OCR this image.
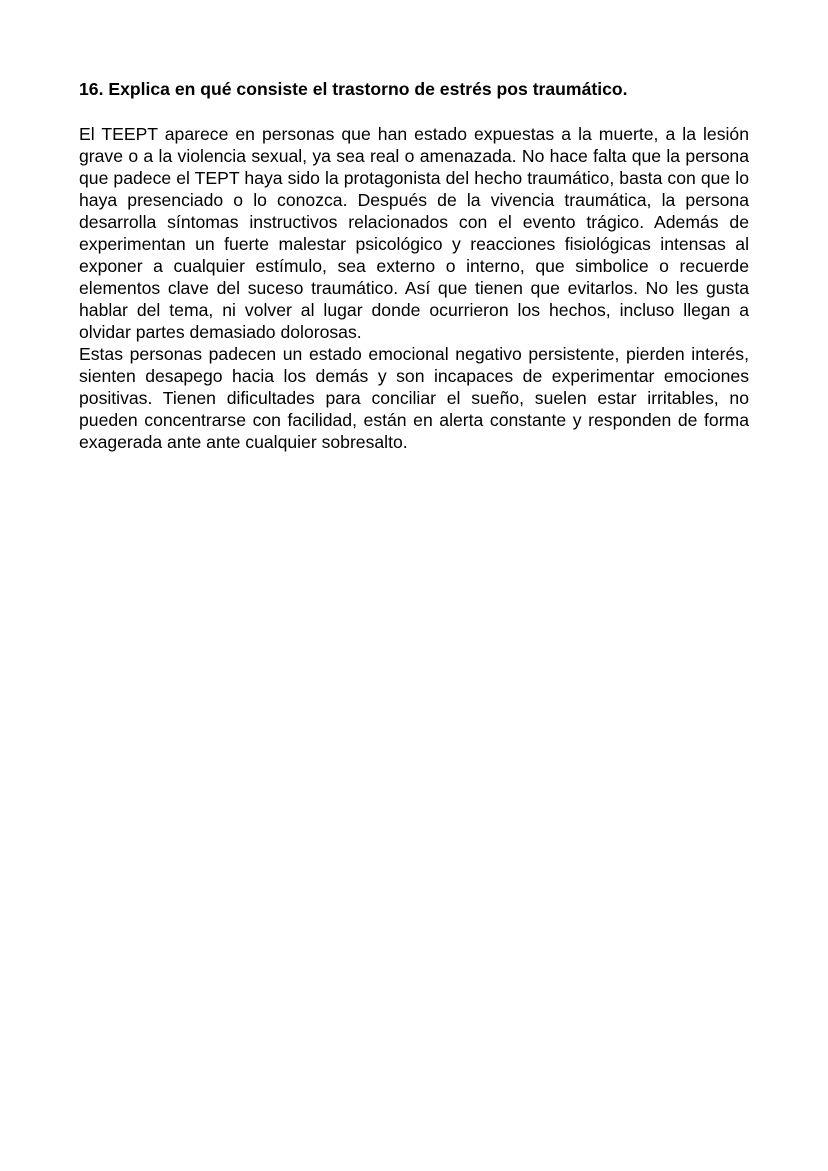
16. Explica en qué consiste el trastorno de estrés pos traumático.

El TEEPT aparece en personas que han estado expuestas a la muerte, a la lesión grave o a la violencia sexual, ya sea real o amenazada. No hace falta que la persona que padece el TEPT haya sido la protagonista del hecho traumático, basta con que lo haya presenciado o lo conozca. Después de la vivencia traumática, la persona desarrolla síntomas instructivos relacionados con el evento trágico. Además de experimentan un fuerte malestar psicológico y reacciones fisiológicas intensas al exponer a cualquier estímulo, sea externo o interno, que simbolice o recuerde elementos clave del suceso traumático. Así que tienen que evitarlos. No les gusta hablar del tema, ni volver al lugar donde ocurrieron los hechos, incluso llegan a olvidar partes demasiado dolorosas.

Estas personas padecen un estado emocional negativo persistente, pierden interés, sienten desapego hacia los demás y son incapaces de experimentar emociones positivas. Tienen dificultades para conciliar el sueño, suelen estar irritables, no pueden concentrarse con facilidad, están en alerta constante y responden de forma exagerada ante ante cualquier sobresalto.
